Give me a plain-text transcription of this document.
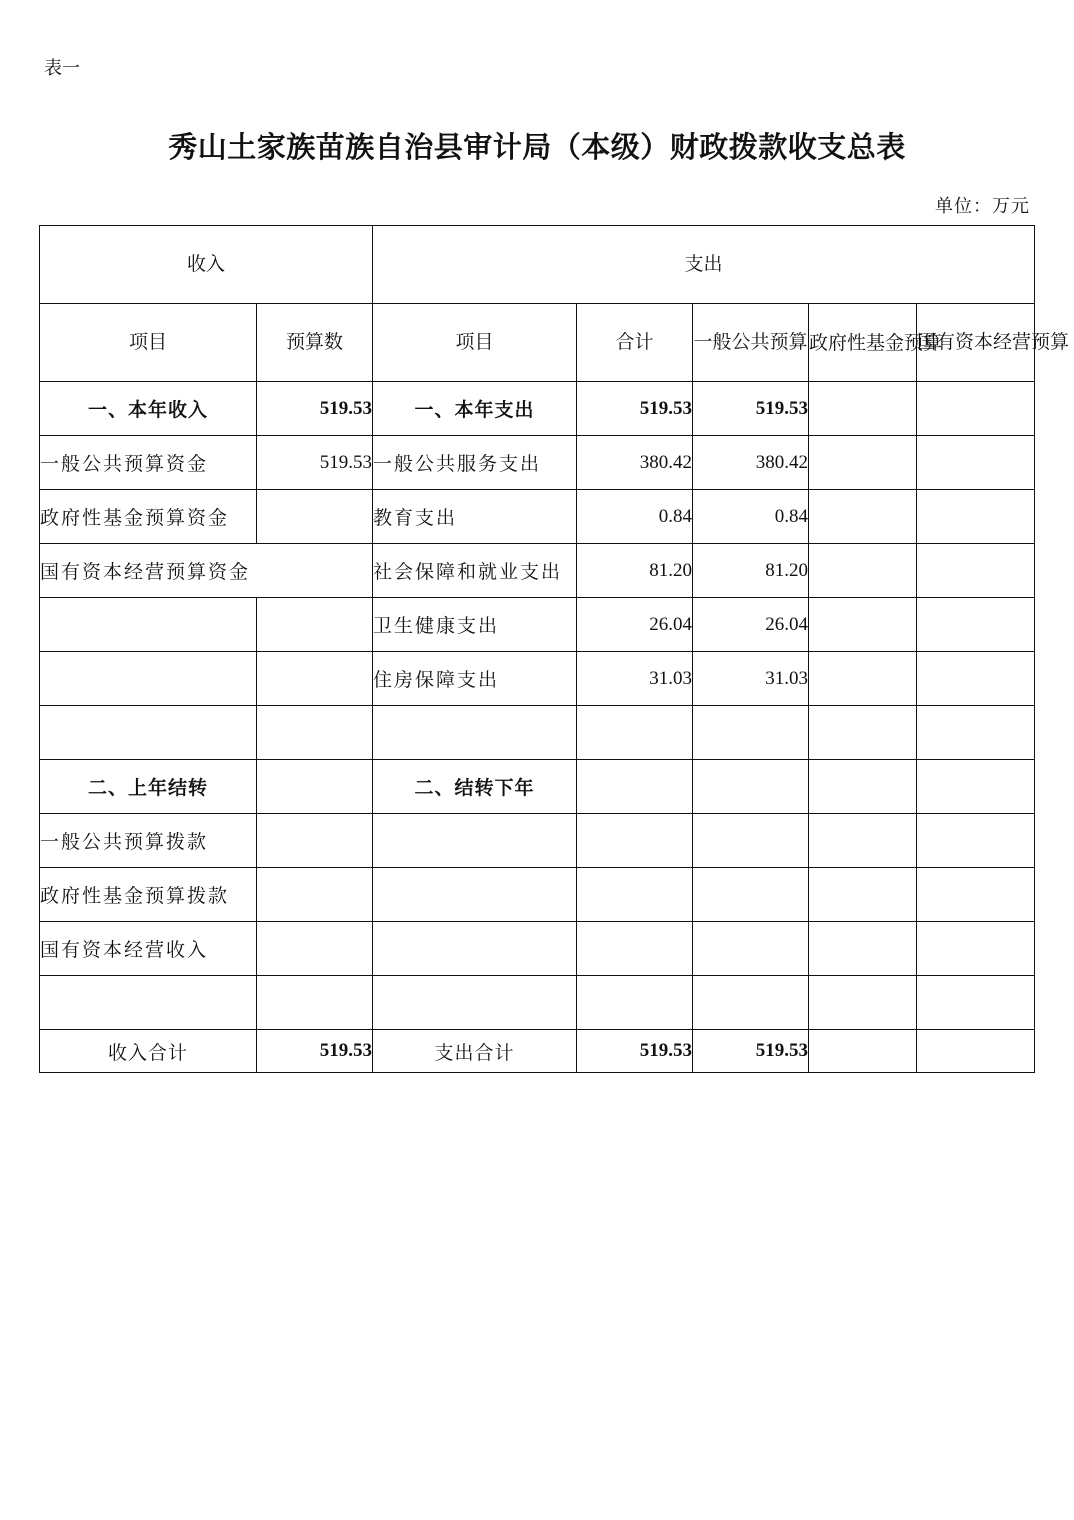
表一
秀山土家族苗族自治县审计局（本级）财政拨款收支总表
单位：万元
收入		支出				
项目	预算数	项目	合计	一般公共预算	政府性基金预算	国有资本经营预算
一、本年收入	519.53	一、本年支出	519.53	519.53		
一般公共预算资金	519.53	一般公共服务支出	380.42	380.42		
政府性基金预算资金		教育支出	0.84	0.84		
国有资本经营预算资金		社会保障和就业支出	81.20	81.20		
		卫生健康支出	26.04	26.04		
		住房保障支出	31.03	31.03		

二、上年结转		二、结转下年				
一般公共预算拨款						
政府性基金预算拨款						
国有资本经营收入						

收入合计	519.53	支出合计	519.53	519.53		
